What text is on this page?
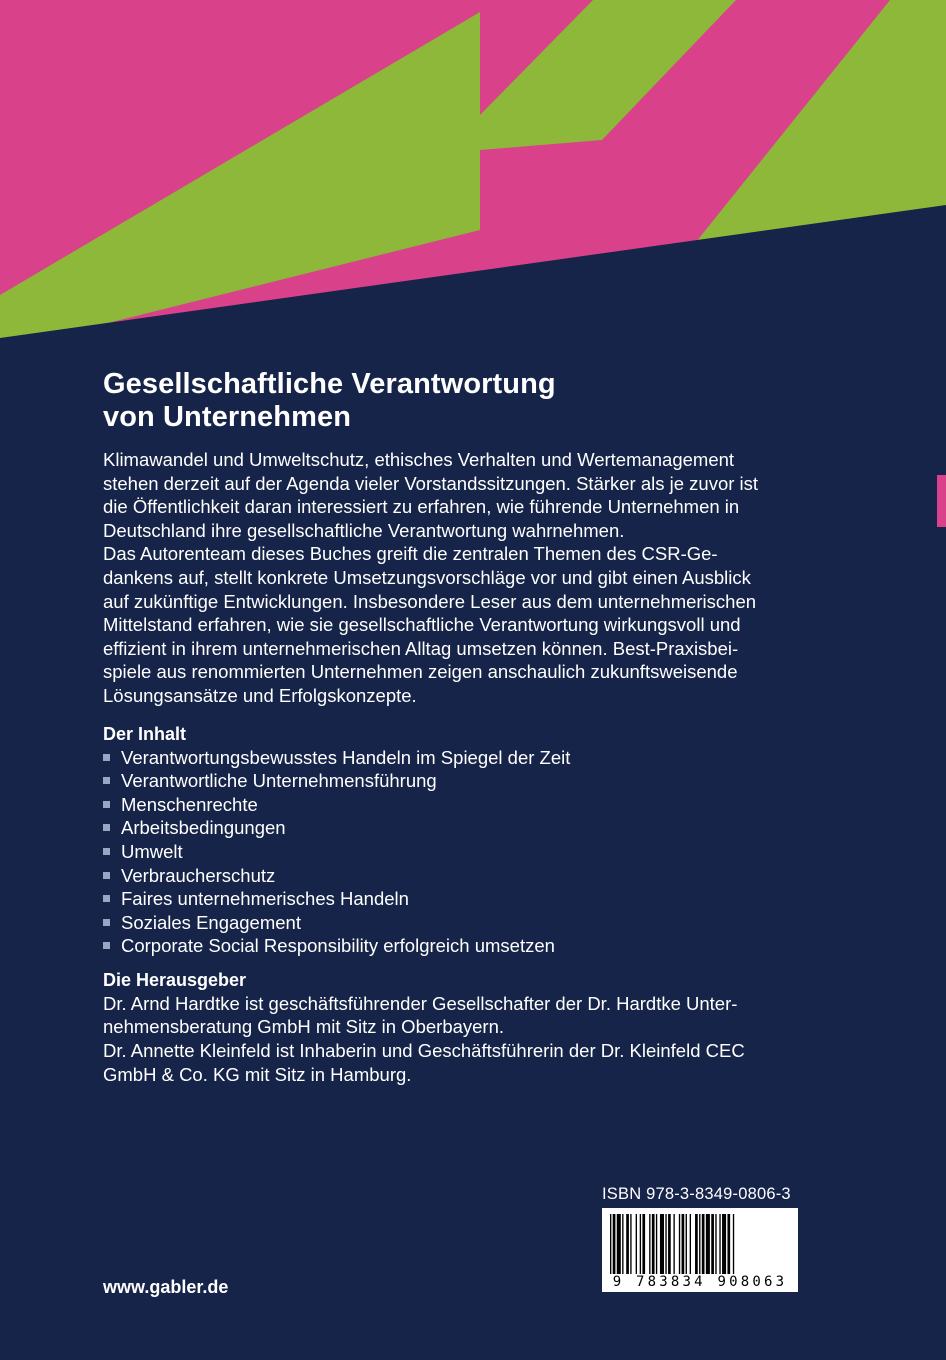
Gesellschaftliche Verantwortung
von Unternehmen
Klimawandel und Umweltschutz, ethisches Verhalten und Wertemanagement
stehen derzeit auf der Agenda vieler Vorstandssitzungen. Stärker als je zuvor ist
die Öffentlichkeit daran interessiert zu erfahren, wie führende Unternehmen in
Deutschland ihre gesellschaftliche Verantwortung wahrnehmen.
Das Autorenteam dieses Buches greift die zentralen Themen des CSR-Ge-
dankens auf, stellt konkrete Umsetzungsvorschläge vor und gibt einen Ausblick
auf zukünftige Entwicklungen. Insbesondere Leser aus dem unternehmerischen
Mittelstand erfahren, wie sie gesellschaftliche Verantwortung wirkungsvoll und
effizient in ihrem unternehmerischen Alltag umsetzen können. Best-Praxisbei-
spiele aus renommierten Unternehmen zeigen anschaulich zukunftsweisende
Lösungsansätze und Erfolgskonzepte.
Der Inhalt
Verantwortungsbewusstes Handeln im Spiegel der Zeit
Verantwortliche Unternehmensführung
Menschenrechte
Arbeitsbedingungen
Umwelt
Verbraucherschutz
Faires unternehmerisches Handeln
Soziales Engagement
Corporate Social Responsibility erfolgreich umsetzen
Die Herausgeber
Dr. Arnd Hardtke ist geschäftsführender Gesellschafter der Dr. Hardtke Unter-
nehmensberatung GmbH mit Sitz in Oberbayern.
Dr. Annette Kleinfeld ist Inhaberin und Geschäftsführerin der Dr. Kleinfeld CEC
GmbH & Co. KG mit Sitz in Hamburg.
ISBN 978-3-8349-0806-3
9 783834 908063
www.gabler.de
